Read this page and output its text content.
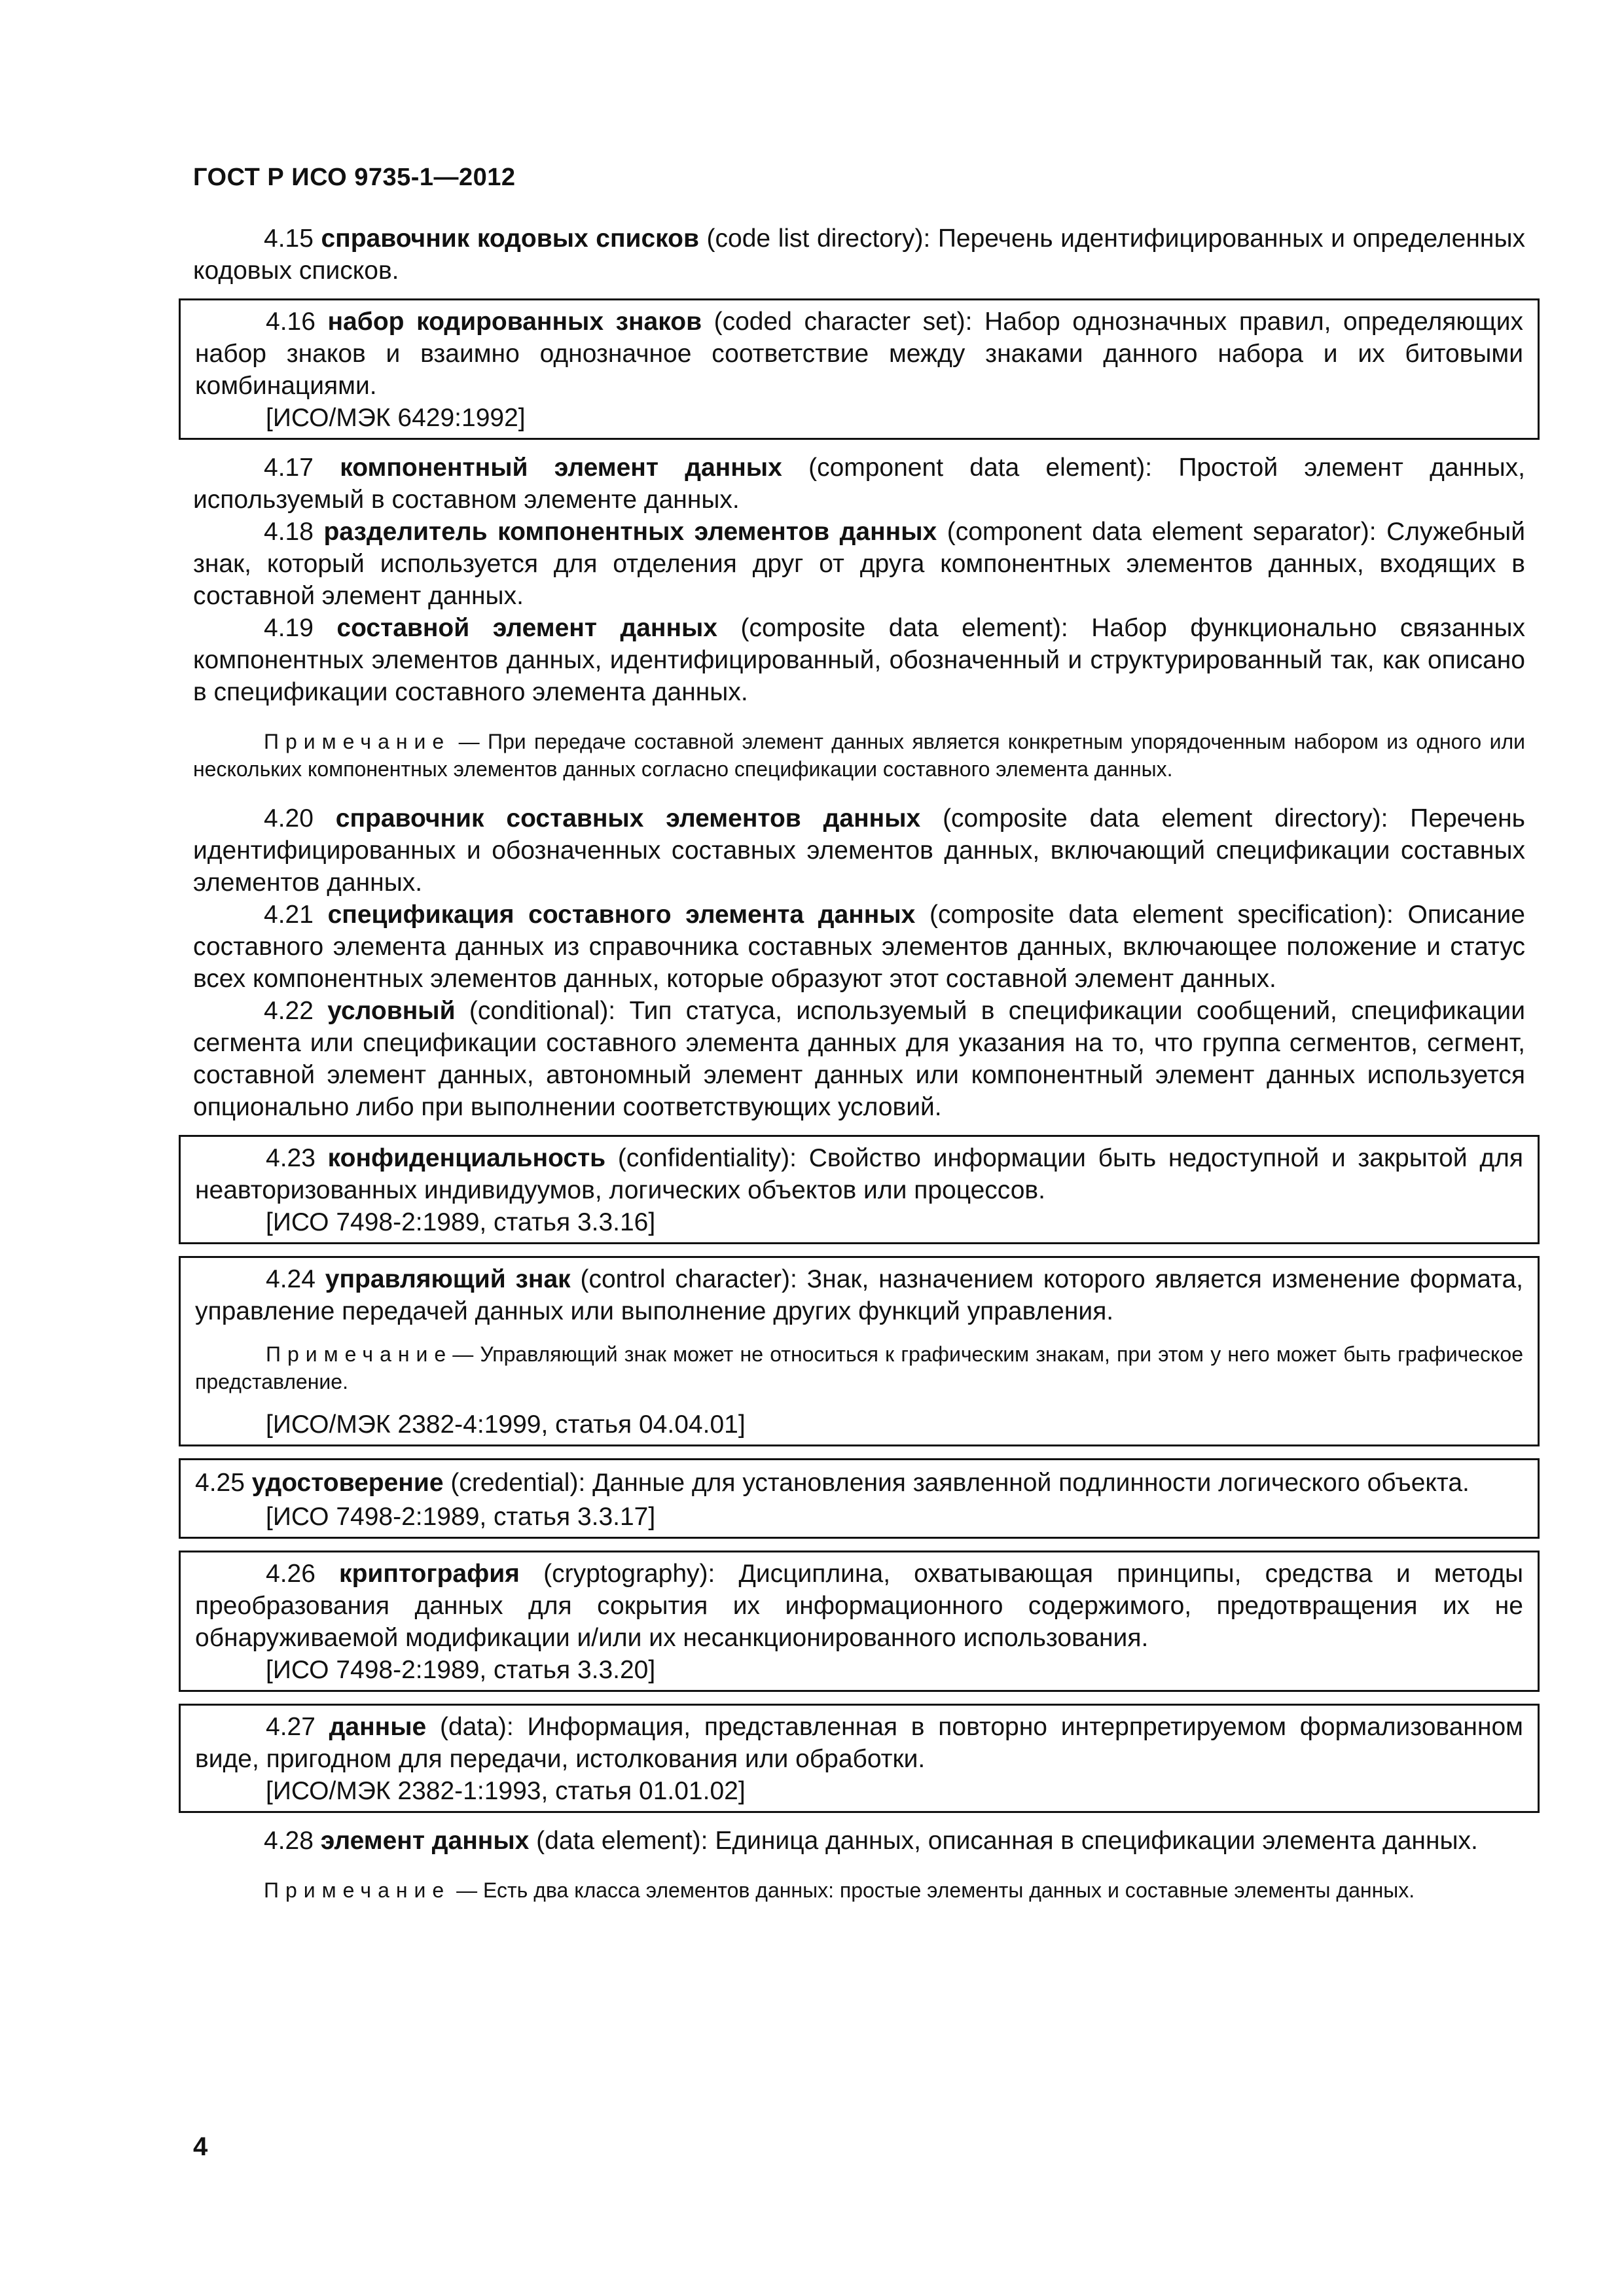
ГОСТ Р ИСО 9735-1—2012

4.15 справочник кодовых списков (code list directory): Перечень идентифицированных и определенных кодовых списков.

4.16 набор кодированных знаков (coded character set): Набор однозначных правил, определяющих набор знаков и взаимно однозначное соответствие между знаками данного набора и их битовыми комбинациями.

[ИСО/МЭК 6429:1992]

4.17 компонентный элемент данных (component data element): Простой элемент данных, используемый в составном элементе данных.

4.18 разделитель компонентных элементов данных (component data element separator): Служебный знак, который используется для отделения друг от друга компонентных элементов данных, входящих в составной элемент данных.

4.19 составной элемент данных (composite data element): Набор функционально связанных компонентных элементов данных, идентифицированный, обозначенный и структурированный так, как описано в спецификации составного элемента данных.

Примечание — При передаче составной элемент данных является конкретным упорядоченным набором из одного или нескольких компонентных элементов данных согласно спецификации составного элемента данных.

4.20 справочник составных элементов данных (composite data element directory): Перечень идентифицированных и обозначенных составных элементов данных, включающий спецификации составных элементов данных.

4.21 спецификация составного элемента данных (composite data element specification): Описание составного элемента данных из справочника составных элементов данных, включающее положение и статус всех компонентных элементов данных, которые образуют этот составной элемент данных.

4.22 условный (conditional): Тип статуса, используемый в спецификации сообщений, спецификации сегмента или спецификации составного элемента данных для указания на то, что группа сегментов, сегмент, составной элемент данных, автономный элемент данных или компонентный элемент данных используется опционально либо при выполнении соответствующих условий.

4.23 конфиденциальность (confidentiality): Свойство информации быть недоступной и закрытой для неавторизованных индивидуумов, логических объектов или процессов.

[ИСО 7498-2:1989, статья 3.3.16]

4.24 управляющий знак (control character): Знак, назначением которого является изменение формата, управление передачей данных или выполнение других функций управления.

Примечание— Управляющий знак может не относиться к графическим знакам, при этом у него может быть графическое представление.

[ИСО/МЭК 2382-4:1999, статья 04.04.01]

4.25 удостоверение (credential): Данные для установления заявленной подлинности логического объекта.

[ИСО 7498-2:1989, статья 3.3.17]

4.26 криптография (cryptography): Дисциплина, охватывающая принципы, средства и методы преобразования данных для сокрытия их информационного содержимого, предотвращения их не обнаруживаемой модификации и/или их несанкционированного использования.

[ИСО 7498-2:1989, статья 3.3.20]

4.27 данные (data): Информация, представленная в повторно интерпретируемом формализованном виде, пригодном для передачи, истолкования или обработки.

[ИСО/МЭК 2382-1:1993, статья 01.01.02]

4.28 элемент данных (data element): Единица данных, описанная в спецификации элемента данных.

Примечание — Есть два класса элементов данных: простые элементы данных и составные элементы данных.

4
